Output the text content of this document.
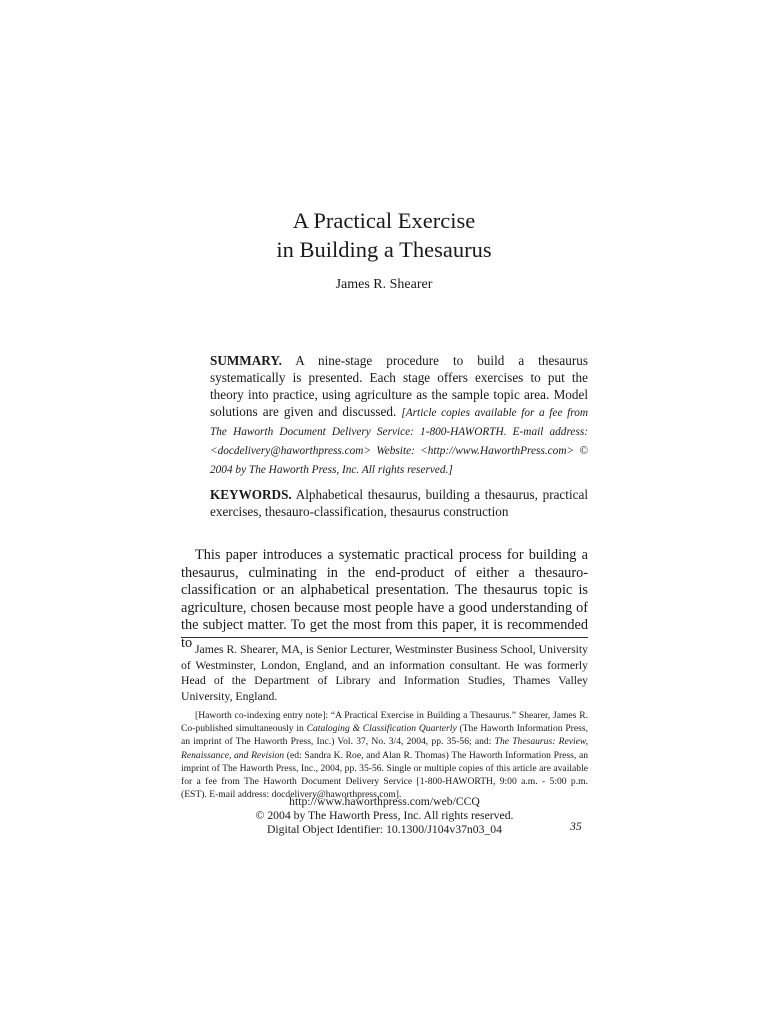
A Practical Exercise
in Building a Thesaurus
James R. Shearer
SUMMARY. A nine-stage procedure to build a thesaurus systematically is presented. Each stage offers exercises to put the theory into practice, using agriculture as the sample topic area. Model solutions are given and discussed. [Article copies available for a fee from The Haworth Document Delivery Service: 1-800-HAWORTH. E-mail address: <docdelivery@haworthpress.com> Website: <http://www.HaworthPress.com> © 2004 by The Haworth Press, Inc. All rights reserved.]
KEYWORDS. Alphabetical thesaurus, building a thesaurus, practical exercises, thesauro-classification, thesaurus construction
This paper introduces a systematic practical process for building a thesaurus, culminating in the end-product of either a thesauro-classification or an alphabetical presentation. The thesaurus topic is agriculture, chosen because most people have a good understanding of the subject matter. To get the most from this paper, it is recommended to James R. Shearer, MA, is Senior Lecturer, Westminster Business School, University of Westminster, London, England, and an information consultant. He was formerly Head of the Department of Library and Information Studies, Thames Valley University, England.
[Haworth co-indexing entry note]: “A Practical Exercise in Building a Thesaurus.” Shearer, James R. Co-published simultaneously in Cataloging & Classification Quarterly (The Haworth Information Press, an imprint of The Haworth Press, Inc.) Vol. 37, No. 3/4, 2004, pp. 35-56; and: The Thesaurus: Review, Renaissance, and Revision (ed: Sandra K. Roe, and Alan R. Thomas) The Haworth Information Press, an imprint of The Haworth Press, Inc., 2004, pp. 35-56. Single or multiple copies of this article are available for a fee from The Haworth Document Delivery Service [1-800-HAWORTH, 9:00 a.m. - 5:00 p.m. (EST). E-mail address: docdelivery@haworthpress.com].
http://www.haworthpress.com/web/CCQ
© 2004 by The Haworth Press, Inc. All rights reserved.
Digital Object Identifier: 10.1300/J104v37n03_04	35
